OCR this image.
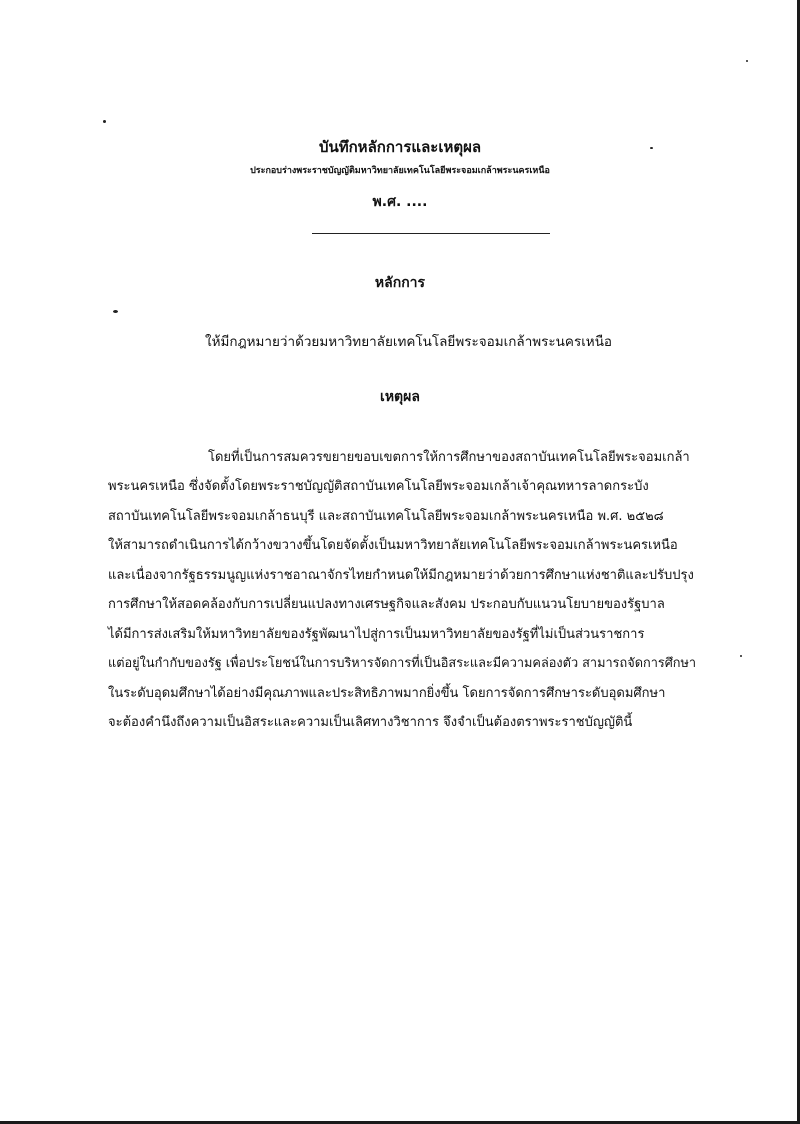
บันทึกหลักการและเหตุผล
ประกอบร่างพระราชบัญญัติมหาวิทยาลัยเทคโนโลยีพระจอมเกล้าพระนครเหนือ
พ.ศ. ....
หลักการ
ให้มีกฎหมายว่าด้วยมหาวิทยาลัยเทคโนโลยีพระจอมเกล้าพระนครเหนือ
เหตุผล
โดยที่เป็นการสมควรขยายขอบเขตการให้การศึกษาของสถาบันเทคโนโลยีพระจอมเกล้า
พระนครเหนือ ซึ่งจัดตั้งโดยพระราชบัญญัติสถาบันเทคโนโลยีพระจอมเกล้าเจ้าคุณทหารลาดกระบัง
สถาบันเทคโนโลยีพระจอมเกล้าธนบุรี และสถาบันเทคโนโลยีพระจอมเกล้าพระนครเหนือ พ.ศ. ๒๕๒๘
ให้สามารถดำเนินการได้กว้างขวางขึ้นโดยจัดตั้งเป็นมหาวิทยาลัยเทคโนโลยีพระจอมเกล้าพระนครเหนือ
และเนื่องจากรัฐธรรมนูญแห่งราชอาณาจักรไทยกำหนดให้มีกฎหมายว่าด้วยการศึกษาแห่งชาติและปรับปรุง
การศึกษาให้สอดคล้องกับการเปลี่ยนแปลงทางเศรษฐกิจและสังคม ประกอบกับแนวนโยบายของรัฐบาล
ได้มีการส่งเสริมให้มหาวิทยาลัยของรัฐพัฒนาไปสู่การเป็นมหาวิทยาลัยของรัฐที่ไม่เป็นส่วนราชการ
แต่อยู่ในกำกับของรัฐ เพื่อประโยชน์ในการบริหารจัดการที่เป็นอิสระและมีความคล่องตัว สามารถจัดการศึกษา
ในระดับอุดมศึกษาได้อย่างมีคุณภาพและประสิทธิภาพมากยิ่งขึ้น โดยการจัดการศึกษาระดับอุดมศึกษา
จะต้องคำนึงถึงความเป็นอิสระและความเป็นเลิศทางวิชาการ จึงจำเป็นต้องตราพระราชบัญญัตินี้
